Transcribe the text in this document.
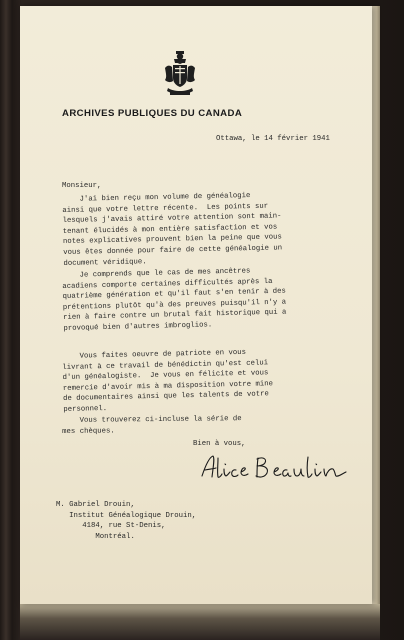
ARCHIVES PUBLIQUES DU CANADA
Ottawa, le 14 février 1941
Monsieur,
J'ai bien reçu mon volume de généalogie
ainsi que votre lettre récente.  Les points sur
lesquels j'avais attiré votre attention sont main-
tenant élucidés à mon entière satisfaction et vos
notes explicatives prouvent bien la peine que vous
vous êtes donnée pour faire de cette généalogie un
document véridique.
Je comprends que le cas de mes ancêtres
acadiens comporte certaines difficultés après la
quatrième génération et qu'il faut s'en tenir à des
prétentions plutôt qu'à des preuves puisqu'il n'y a
rien à faire contre un brutal fait historique qui a
provoqué bien d'autres imbroglios.
Vous faites oeuvre de patriote en vous
livrant à ce travail de bénédictin qu'est celui
d'un généalogiste.  Je vous en félicite et vous
remercie d'avoir mis à ma disposition votre mine
de documentaires ainsi que les talents de votre
personnel.
Vous trouverez ci-incluse la série de
mes chèques.
Bien à vous,
M. Gabriel Drouin,
Institut Généalogique Drouin,
4184, rue St-Denis,
Montréal.
